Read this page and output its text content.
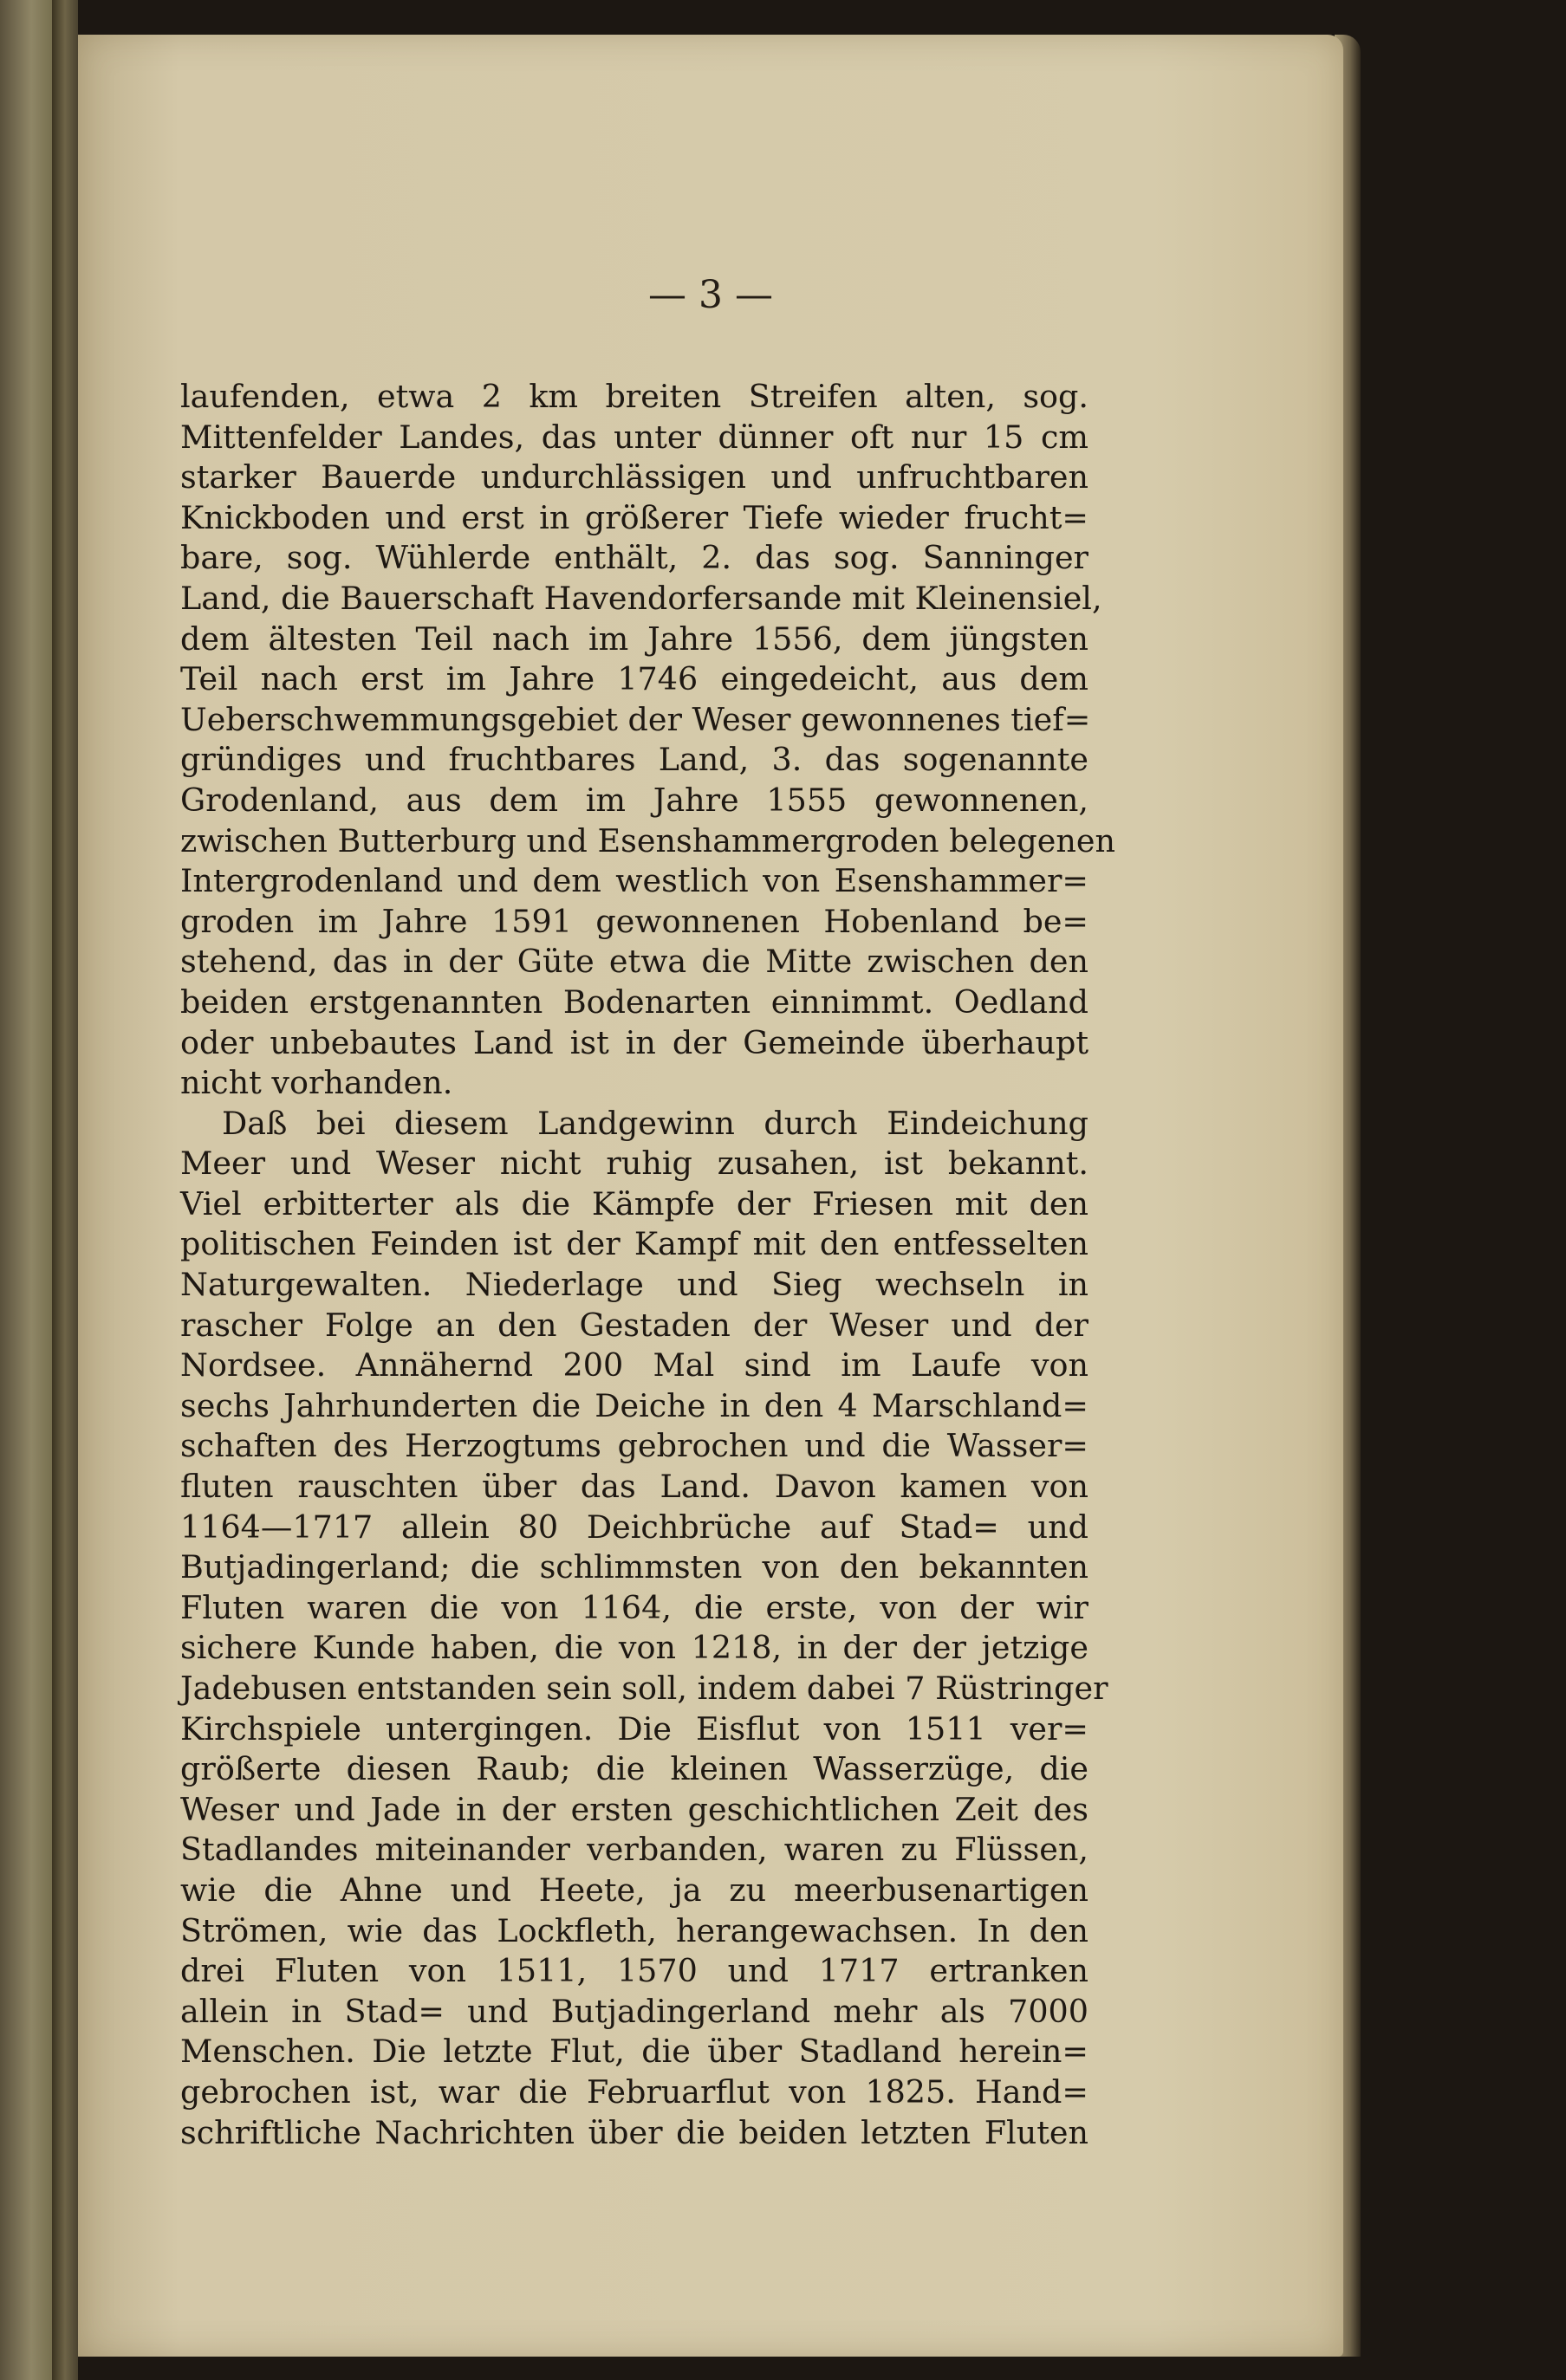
— 3 —
laufenden, etwa 2 km breiten Streifen alten, sog.
Mittenfelder Landes, das unter dünner oft nur 15 cm
starker Bauerde undurchlässigen und unfruchtbaren
Knickboden und erst in größerer Tiefe wieder frucht=
bare, sog. Wühlerde enthält, 2. das sog. Sanninger
Land, die Bauerschaft Havendorfersande mit Kleinensiel,
dem ältesten Teil nach im Jahre 1556, dem jüngsten
Teil nach erst im Jahre 1746 eingedeicht, aus dem
Ueberschwemmungsgebiet der Weser gewonnenes tief=
gründiges und fruchtbares Land, 3. das sogenannte
Grodenland, aus dem im Jahre 1555 gewonnenen,
zwischen Butterburg und Esenshammergroden belegenen
Intergrodenland und dem westlich von Esenshammer=
groden im Jahre 1591 gewonnenen Hobenland be=
stehend, das in der Güte etwa die Mitte zwischen den
beiden erstgenannten Bodenarten einnimmt. Oedland
oder unbebautes Land ist in der Gemeinde überhaupt
nicht vorhanden.
Daß bei diesem Landgewinn durch Eindeichung
Meer und Weser nicht ruhig zusahen, ist bekannt.
Viel erbitterter als die Kämpfe der Friesen mit den
politischen Feinden ist der Kampf mit den entfesselten
Naturgewalten. Niederlage und Sieg wechseln in
rascher Folge an den Gestaden der Weser und der
Nordsee. Annähernd 200 Mal sind im Laufe von
sechs Jahrhunderten die Deiche in den 4 Marschland=
schaften des Herzogtums gebrochen und die Wasser=
fluten rauschten über das Land. Davon kamen von
1164—1717 allein 80 Deichbrüche auf Stad= und
Butjadingerland; die schlimmsten von den bekannten
Fluten waren die von 1164, die erste, von der wir
sichere Kunde haben, die von 1218, in der der jetzige
Jadebusen entstanden sein soll, indem dabei 7 Rüstringer
Kirchspiele untergingen. Die Eisflut von 1511 ver=
größerte diesen Raub; die kleinen Wasserzüge, die
Weser und Jade in der ersten geschichtlichen Zeit des
Stadlandes miteinander verbanden, waren zu Flüssen,
wie die Ahne und Heete, ja zu meerbusenartigen
Strömen, wie das Lockfleth, herangewachsen. In den
drei Fluten von 1511, 1570 und 1717 ertranken
allein in Stad= und Butjadingerland mehr als 7000
Menschen. Die letzte Flut, die über Stadland herein=
gebrochen ist, war die Februarflut von 1825. Hand=
schriftliche Nachrichten über die beiden letzten Fluten
